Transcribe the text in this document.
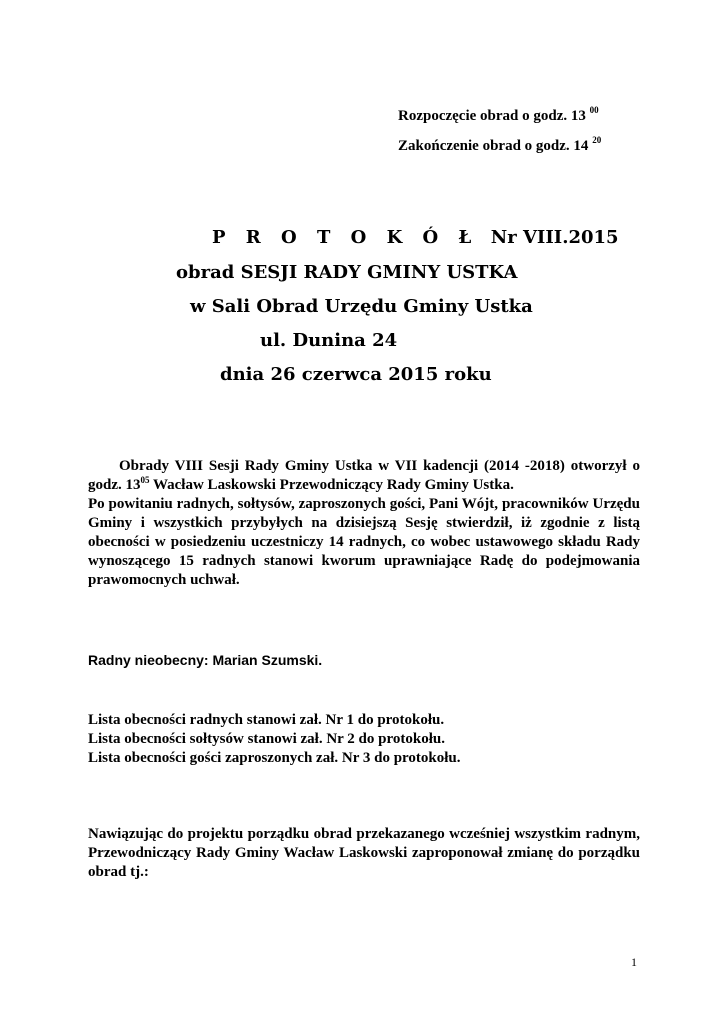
Rozpoczęcie obrad o godz. 13 $^{00}$
Zakończenie obrad o godz. 14 $^{20}$
P R O T O K Ó Ł Nr VIII.2015
obrad SESJI RADY GMINY USTKA
w Sali Obrad Urzędu Gminy Ustka
ul. Dunina 24
dnia 26 czerwca 2015 roku

Obrady VIII Sesji Rady Gminy Ustka w VII kadencji (2014 -2018) otworzył o godz. $13^{05}$ Wacław Laskowski Przewodniczący Rady Gminy Ustka.

Po powitaniu radnych, sołtysów, zaproszonych gości, Pani Wójt, pracowników Urzędu Gminy i wszystkich przybyłych na dzisiejszą Sesję stwierdził, iż zgodnie z listą obecności w posiedzeniu uczestniczy 14 radnych, co wobec ustawowego składu Rady wynoszącego 15 radnych stanowi kworum uprawniające Radę do podejmowania prawomocnych uchwał.

Radny nieobecny: Marian Szumski.
Lista obecności radnych stanowi zał. Nr 1 do protokołu.
Lista obecności sołtysów stanowi zał. Nr 2 do protokołu.
Lista obecności gości zaproszonych zał. Nr 3 do protokołu.

Nawiązując do projektu porządku obrad przekazanego wcześniej wszystkim radnym, Przewodniczący Rady Gminy Wacław Laskowski zaproponował zmianę do porządku obrad tj.:

1
